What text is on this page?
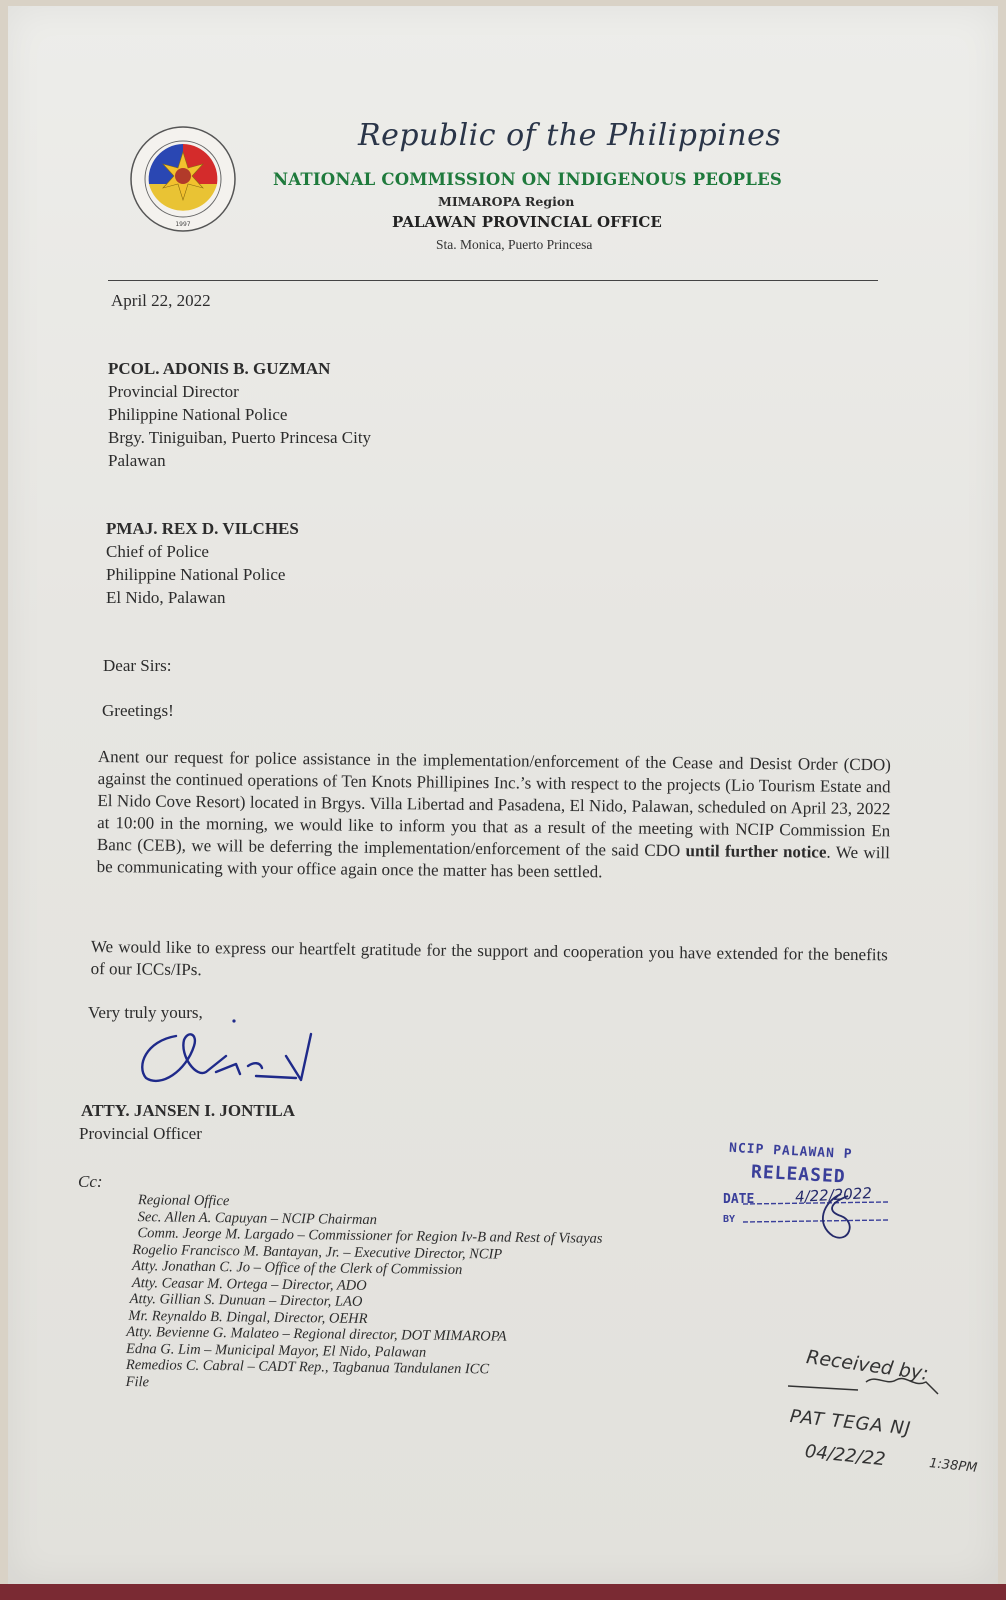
1997
Republic of the Philippines
NATIONAL COMMISSION ON INDIGENOUS PEOPLES
MIMAROPA Region
PALAWAN PROVINCIAL OFFICE
Sta. Monica, Puerto Princesa
April 22, 2022
PCOL. ADONIS B. GUZMAN
Provincial Director
Philippine National Police
Brgy. Tiniguiban, Puerto Princesa City
Palawan
PMAJ. REX D. VILCHES
Chief of Police
Philippine National Police
El Nido, Palawan
Dear Sirs:
Greetings!
Anent our request for police assistance in the implementation/enforcement of the Cease and Desist Order (CDO) against the continued operations of Ten Knots Phillipines Inc.’s with respect to the projects (Lio Tourism Estate and El Nido Cove Resort) located in Brgys. Villa Libertad and Pasadena, El Nido, Palawan, scheduled on April 23, 2022 at 10:00 in the morning, we would like to inform you that as a result of the meeting with NCIP Commission En Banc (CEB), we will be deferring the implementation/enforcement of the said CDO until further notice. We will be communicating with your office again once the matter has been settled.
We would like to express our heartfelt gratitude for the support and cooperation you have extended for the benefits of our ICCs/IPs.
Very truly yours,
ATTY. JANSEN I. JONTILA
Provincial Officer
Cc:
Regional Office
Sec. Allen A. Capuyan – NCIP Chairman
Comm. Jeorge M. Largado – Commissioner for Region Iv-B and Rest of Visayas
Rogelio Francisco M. Bantayan, Jr. – Executive Director, NCIP
Atty. Jonathan C. Jo – Office of the Clerk of Commission
Atty. Ceasar M. Ortega – Director, ADO
Atty. Gillian S. Dunuan – Director, LAO
Mr. Reynaldo B. Dingal, Director, OEHR
Atty. Bevienne G. Malateo – Regional director, DOT MIMAROPA
Edna G. Lim – Municipal Mayor, El Nido, Palawan
Remedios C. Cabral – CADT Rep., Tagbanua Tandulanen ICC
File
NCIP PALAWAN P
RELEASED
DATE	4/22/2022
BY
Received by:
PAT TEGA NJ
04/22/22	1:38PM
